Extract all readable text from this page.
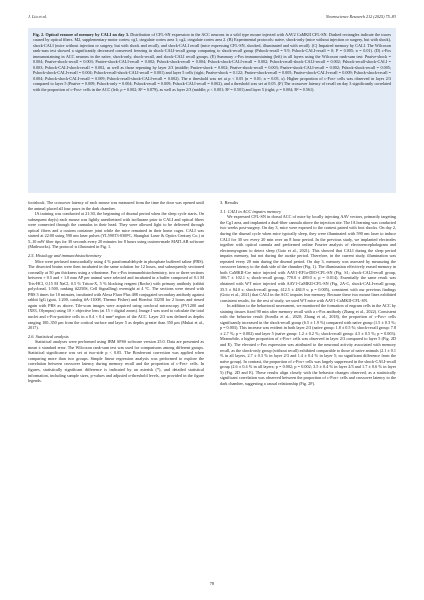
J. Liu et al.	Neuroscience Research 212 (2025) 75–83

Fig. 2. Optical erasure of memory by CALI on day 3. Distribution of CFL-SN expression in the ACC neurons in a wild type mouse injected with AAV2 CaMKII CFL-SN. Dashed rectangles indicate the traces caused by optical fibers. M2, supplementary motor cortex; cg1, cingulate cortex area 1; cg2, cingulate cortex area 2. (B) Experimental protocols: naïve, shock-only (mice without injection or surgery, but with shock), shock-CALI (mice without injection or surgery, but with shock and recall), and shock-CALI recall (mice expressing CFL-SN, shocked, illuminated and with recall). (C) Impaired memory by CALI. The Wilcoxon rank-sum test showed a significantly decreased conserved freezing in shock-CALI-recall group comparing to shock-recall group (Pshock-recall = 9.9, Pshock-CALI-recall = 0; P = 0.005; n = 0.01). (D) c-Fos immunostaining in ACC neurons in the naïve, shock-only, shock-recall, and shock-CALI recall groups. (E) Summary c-Fos immunostaining (left) in all layers using the Wilcoxon rank-sum test: Pnaïve-shock = 0.004; Pnaïve-shock-recall = 0.003; Pnaïve-shock-CALI-recall = 0.002; Pshock-shock-recall = 0.004; Pshock-shock-CALI-recall = 0.002; Pshock-recall-shock-CALI-recall = 0.002; Pshock-recall-shock-CALI = 0.003; Pshock-CALI-shock-recall = 0.002, as well as those repeating by layer 2/3 (middle; Pnaïve-shock = 0.002; Pnaïve-shock-recall = 0.003; Pnaïve-shock-CALI-recall = 0.002; Pshock-shock-recall = 0.005; Pshock-shock-CALI-recall = 0.004; Pshock-recall-shock-CALI-recall = 0.001) and layer 5 cells (right; Pnaïve-shock = 0.122; Pnaïve-shock-recall = 0.005; Pnaïve-shock-CALI-recall = 0.009; Pshock-shock-recall = 0.004; Pshock-shock-CALI-recall = 0.009; Pshock-recall-shock-CALI-recall = 0.002). The n threshold was set at p < 0.05 (n = 0.01; n = 0.05, x). Higher proportion of c-Fos+ cells was observed in layer 2/3 compared to layer 5 (Pnaïve = 0.009; Pshock-only = 0.004; Pshock-recall = 0.009; Pshock-CALI-recall = 0.002), and a threshold was set at 0.05. (F) The crossover latency of recall on day 3 significantly correlated with the proportion of c-Fos+ cells in the ACC (left; ρ = 0.002; R² = 0.879), as well as layer 2/3 (middle; ρ < 0.001; R² = 0.501) and layer 5 (right; ρ = 0.004; R² = 0.561).

footshock. The crossover latency of each mouse was measured from the time the door was opened until the animal placed all four paws in the dark chamber.

IA training was conducted at 21:30, the beginning of diurnal period when the sleep cycle starts. On subsequent day(s) each mouse was lightly anesthetized with isoflurane prior to CALI and optical fibers were connected through the cannulas in their head. They were allowed light to be delivered through optical fibers and a custom container joint while the mice remained in their home cages. CALI was started at 22:00 using 590 nm laser pulses (YL590T3-030PC, Shanghai Laser & Optics Century Co.) at 5–10 mW fiber tips for 30 seconds every 20 minutes for 8 hours using custom-made MATLAB software (Mathworks). The protocol is illustrated in Fig. 1.

2.5. Histology and immunohistochemistry

Mice were perfused transcardially using 4 % paraformaldehyde in phosphate buffered saline (PBS). The dissected brains were then incubated in the same solution for 12 hours, and subsequently sectioned coronally at 50 μm thickness using a vibratome. For c-Fos immunohistochemistry, two or three sections between + 0.5 and + 1.0 mm AP per animal were selected and incubated in a buffer composed of 0.1 M Tris-HCl, 0.15 M NaCl, 0.5 % Triton-X, 5 % blocking reagent (Roche) with primary antibody (rabbit polyclonal, 1:500, ranking #2250S, Cell Signalling) overnight at 4 °C. The sections were rinsed with PBS 3 times for 10 minutes, incubated with Alexa Fluor Plus 488 conjugated secondary antibody against rabbit IgG (goat, 1:200, catalog #A-11008, Thermo Fisher) and Hoechst 33258 for 2 hours and rinsed again with PBS as above. Tile-scan images were acquired using confocal microscopy (FV1200 and IX83, Olympus) using 10 × objective lens (at 15 × digital zoom). Image J was used to calculate the total nuclei and c-Fos-positive cells in a 0.4 × 0.4 mm² region of the ACC. Layer 2/3 was defined as depths ranging 100–350 μm from the cortical surface and layer 5 as depths greater than 350 μm (Mukai et al., 2017).

2.6. Statistical analysis

Statistical analyses were performed using IBM SPSS software version 25.0. Data are presented as mean ± standard error. The Wilcoxon rank-sum test was used for comparisons among different groups. Statistical significance was set at two-side p < 0.05. The Bonferroni correction was applied when comparing more than two groups. Simple linear regression analysis was performed to explore the correlation between crossover latency during memory recall and the proportion of c-Fos+ cells. In figures, statistically significant difference is indicated by an asterisk (*), and detailed statistical information, including sample sizes, p-values and adjusted α-threshold levels, are provided in the figure legends.

3. Results

3.1. CALI in ACC impairs memory

We expressed CFL-SN in dorsal ACC of mice by locally injecting AAV vectors, primarily targeting the Cg1 area, and implanted a dual-fiber cannula above the injection site. The IA learning was conducted two weeks post-surgery. On day 3, mice were exposed to the context paired with foot shocks. On day 2, during the diurnal cycle when mice typically sleep, they were illuminated with 590 nm laser to induce CALI for 30 sec every 20 min over an 8 hour period. In the previous study, we implanted electrodes together with optical cannula and performed online Fourier analysis of electroencephalogram and electromyogram to detect sleep (Goto et al., 2021). This showed that CALI during the sleep period impairs memory, but not during the awake period. Therefore, in the current study, illumination was repeated every 20 min during the diurnal period. On day 3, memory was assessed by measuring the crossover latency to the dark side of the chamber (Fig. 1). The illumination effectively erased memory in both CaMKII-Cre mice injected with AAV1-EF1a-DIO-CFL-SN (Fig. S1; shock-CALI-recall group, 106.7 ± 102.1 s; shock-recall group, 770.0 ± 489.0 s; p = 0.014). Essentially the same result was obtained with WT mice injected with AAV1-CaMKII-CFL-SN (Fig. 2A-C, shock-CALI-recall group, 35.5 ± 84.0 s; shock-recall group, 412.5 ± 484.9 s; p = 0.005), consistent with our previous findings (Goto et al., 2021) that CALI in the ACC impairs fear memory. Because these two mouse lines exhibited consistent results, for the rest of study, we used WT mice with AAV1-CaMKII-CFL-SN.

In addition to the behavioral assessment, we monitored the formation of engram cells in the ACC by staining tissues fixed 90 min after memory recall with a c-Fos antibody (Zhang et al., 2022). Consistent with the behavior result (Sorolla et al., 2020; Zhang et al., 2018), the proportion of c-Fos+ cells significantly increased in the shock-recall group (6.5 ± 1.9 %) compared with naïve group (1.5 ± 0.3 %; p = 0.003). This increase was evident in both layer 2/3 (naïve group: 1.8 ± 0.5 %; shock-recall group: 7.8 ± 2.7 %; p = 0.002) and layer 5 (naïve group: 1.2 ± 0.2 %; shock-recall group: 4.5 ± 0.5 %; p = 0.003). Meanwhile, a higher proportion of c-Fos+ cells was observed in layer 2/3 compared to layer 5 (Fig. 2D and E). The elevated c-Fos expression was attributed to the neuronal activity associated with memory recall, as the shock-only group (without recall) exhibited comparable to those of naïve animals (2.1 ± 0.1 % in all layers, 2.7 ± 0.3 % in layer 2/3 and 1.4 ± 0.4 % in layer 5; no significant difference from the naïve group). In contrast, the proportion of c-Fos+ cells was largely suppressed in the shock-CALI-recall group (2.6 ± 0.4 % in all layers; p = 0.002; p = 0.002; 3.5 ± 0.4 % in layer 2/3 and 1.7 ± 0.6 % in layer 5) (Fig. 2D and E). These results align closely with the behavior changes observed, as a statistically significant correlation was observed between the proportion of c-Fos+ cells and crossover latency to the dark chamber, suggesting a causal relationship (Fig. 2F).

78
